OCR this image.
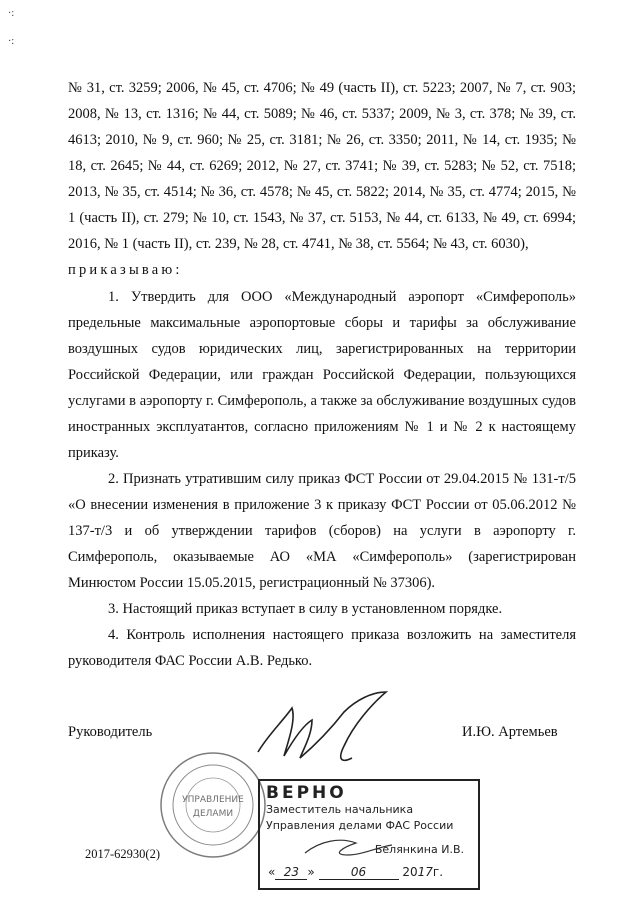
·:
·:

№ 31, ст. 3259; 2006, № 45, ст. 4706; № 49 (часть II), ст. 5223; 2007, № 7, ст. 903; 2008, № 13, ст. 1316; № 44, ст. 5089; № 46, ст. 5337; 2009, № 3, ст. 378; № 39, ст. 4613; 2010, № 9, ст. 960; № 25, ст. 3181; № 26, ст. 3350; 2011, № 14, ст. 1935; № 18, ст. 2645; № 44, ст. 6269; 2012, № 27, ст. 3741; № 39, ст. 5283; № 52, ст. 7518; 2013, № 35, ст. 4514; № 36, ст. 4578; № 45, ст. 5822; 2014, № 35, ст. 4774; 2015, № 1 (часть II), ст. 279; № 10, ст. 1543, № 37, ст. 5153, № 44, ст. 6133, № 49, ст. 6994; 2016, № 1 (часть II), ст. 239, № 28, ст. 4741, № 38, ст. 5564; № 43, ст. 6030),

приказываю:

1. Утвердить для ООО «Международный аэропорт «Симферополь» предельные максимальные аэропортовые сборы и тарифы за обслуживание воздушных судов юридических лиц, зарегистрированных на территории Российской Федерации, или граждан Российской Федерации, пользующихся услугами в аэропорту г. Симферополь, а также за обслуживание воздушных судов иностранных эксплуатантов, согласно приложениям № 1 и № 2 к настоящему приказу.

2. Признать утратившим силу приказ ФСТ России от 29.04.2015 № 131-т/5 «О внесении изменения в приложение 3 к приказу ФСТ России от 05.06.2012 № 137-т/3 и об утверждении тарифов (сборов) на услуги в аэропорту г. Симферополь, оказываемые АО «МА «Симферополь» (зарегистрирован Минюстом России 15.05.2015, регистрационный № 37306).

3. Настоящий приказ вступает в силу в установленном порядке.

4. Контроль исполнения настоящего приказа возложить на заместителя руководителя ФАС России А.В. Редько.

Руководитель	И.Ю. Артемьев
УПРАВЛЕНИЕ
ДЕЛАМИ
2017-62930(2)
ВЕРНО
Заместитель начальника
Управления делами ФАС России
Белянкина И.В.
« 23 »	06	2017г.
